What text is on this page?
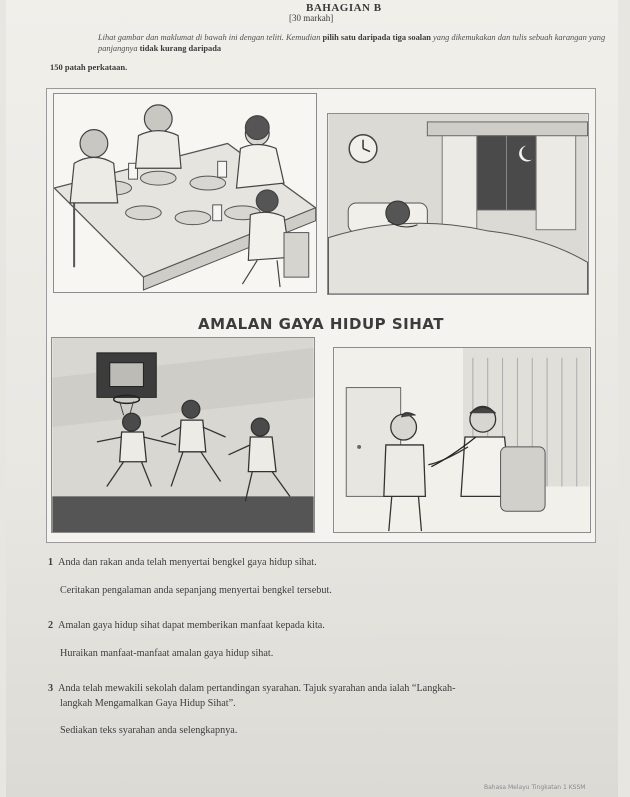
BAHAGIAN B
[30 markah]
Lihat gambar dan maklumat di bawah ini dengan teliti. Kemudian pilih satu daripada tiga soalan yang dikemukakan dan tulis sebuah karangan yang panjangnya tidak kurang daripada
150 patah perkataan.
AMALAN GAYA HIDUP SIHAT
1 Anda dan rakan anda telah menyertai bengkel gaya hidup sihat.
Ceritakan pengalaman anda sepanjang menyertai bengkel tersebut.
2 Amalan gaya hidup sihat dapat memberikan manfaat kepada kita.
Huraikan manfaat-manfaat amalan gaya hidup sihat.
3 Anda telah mewakili sekolah dalam pertandingan syarahan. Tajuk syarahan anda ialah “Langkah-
langkah Mengamalkan Gaya Hidup Sihat”.
Sediakan teks syarahan anda selengkapnya.
Bahasa Melayu Tingkatan 1 KSSM
